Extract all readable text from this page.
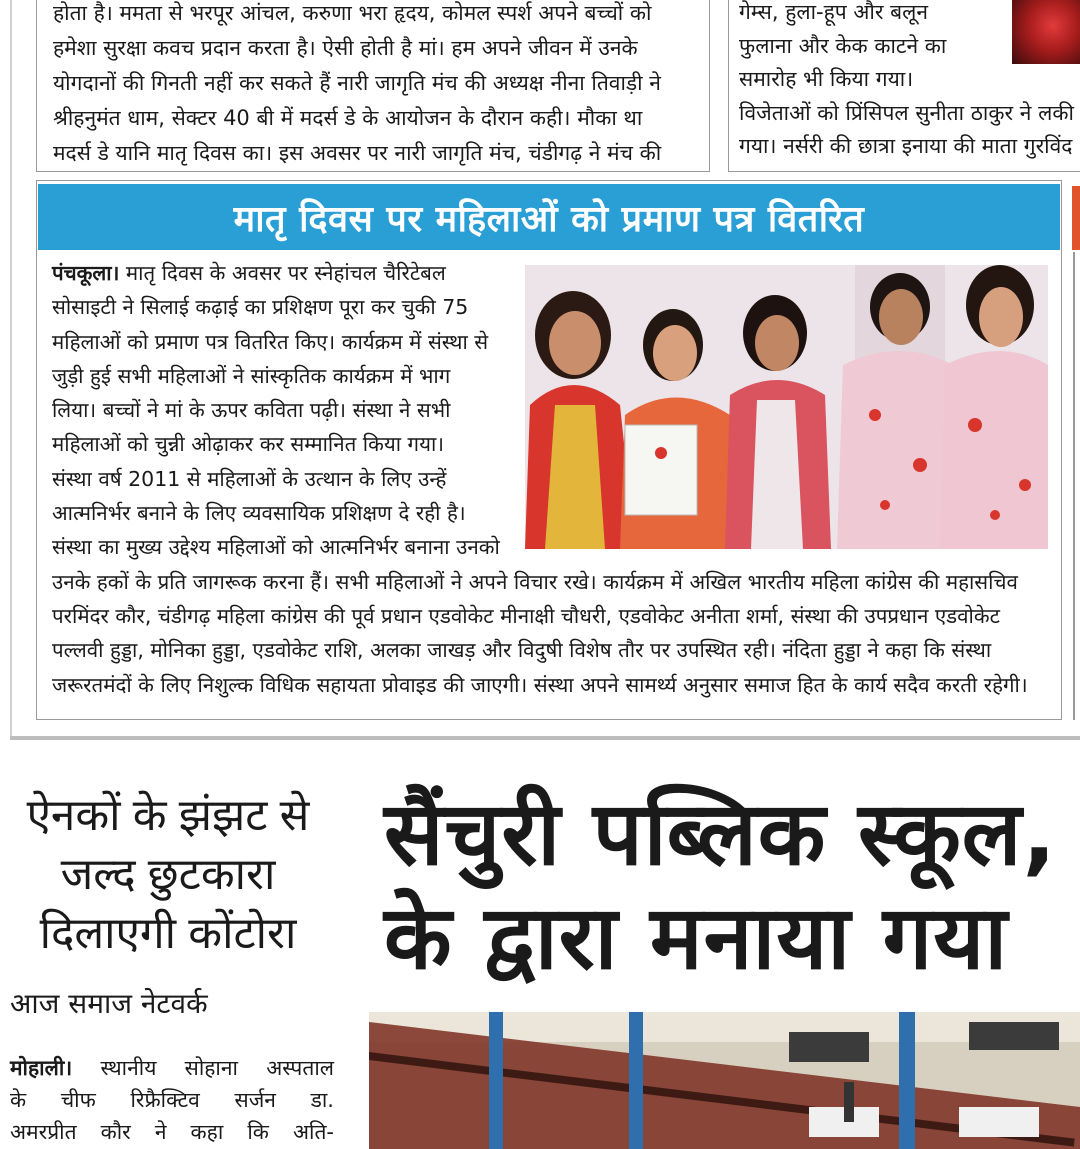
होता है। ममता से भरपूर आंचल, करुणा भरा हृदय, कोमल स्पर्श अपने बच्चों को

हमेशा सुरक्षा कवच प्रदान करता है। ऐसी होती है मां। हम अपने जीवन में उनके

योगदानों की गिनती नहीं कर सकते हैं नारी जागृति मंच की अध्यक्ष नीना तिवाड़ी ने

श्रीहनुमंत धाम, सेक्टर 40 बी में मदर्स डे के आयोजन के दौरान कही। मौका था

मदर्स डे यानि मातृ दिवस का। इस अवसर पर नारी जागृति मंच, चंडीगढ़ ने मंच की

गेम्स, हुला-हूप और बलून

फुलाना और केक काटने का

समारोह भी किया गया।

विजेताओं को प्रिंसिपल सुनीता ठाकुर ने लकी

गया। नर्सरी की छात्रा इनाया की माता गुरविंद

मातृ दिवस पर महिलाओं को प्रमाण पत्र वितरित

पंचकूला। मातृ दिवस के अवसर पर स्नेहांचल चैरिटेबल

सोसाइटी ने सिलाई कढ़ाई का प्रशिक्षण पूरा कर चुकी 75

महिलाओं को प्रमाण पत्र वितरित किए। कार्यक्रम में संस्था से

जुड़ी हुई सभी महिलाओं ने सांस्कृतिक कार्यक्रम में भाग

लिया। बच्चों ने मां के ऊपर कविता पढ़ी। संस्था ने सभी

महिलाओं को चुन्नी ओढ़ाकर कर सम्मानित किया गया।

संस्था वर्ष 2011 से महिलाओं के उत्थान के लिए उन्हें

आत्मनिर्भर बनाने के लिए व्यवसायिक प्रशिक्षण दे रही है।

संस्था का मुख्य उद्देश्य महिलाओं को आत्मनिर्भर बनाना उनको

उनके हकों के प्रति जागरूक करना हैं। सभी महिलाओं ने अपने विचार रखे। कार्यक्रम में अखिल भारतीय महिला कांग्रेस की महासचिव

परमिंदर कौर, चंडीगढ़ महिला कांग्रेस की पूर्व प्रधान एडवोकेट मीनाक्षी चौधरी, एडवोकेट अनीता शर्मा, संस्था की उपप्रधान एडवोकेट

पल्लवी हुड्डा, मोनिका हुड्डा, एडवोकेट राशि, अलका जाखड़ और विदुषी विशेष तौर पर उपस्थित रही। नंदिता हुड्डा ने कहा कि संस्था

जरूरतमंदों के लिए निशुल्क विधिक सहायता प्रोवाइड की जाएगी। संस्था अपने सामर्थ्य अनुसार समाज हित के कार्य सदैव करती रहेगी।

ऐनकों के झंझट से

जल्द छुटकारा

दिलाएगी कोंटोरा

आज समाज नेटवर्क

मोहाली। स्थानीय सोहाना अस्पताल

के चीफ रिफ्रैक्टिव सर्जन डा.

अमरप्रीत कौर ने कहा कि अति-

सैंचुरी पब्लिक स्कूल,

के द्वारा मनाया गया
